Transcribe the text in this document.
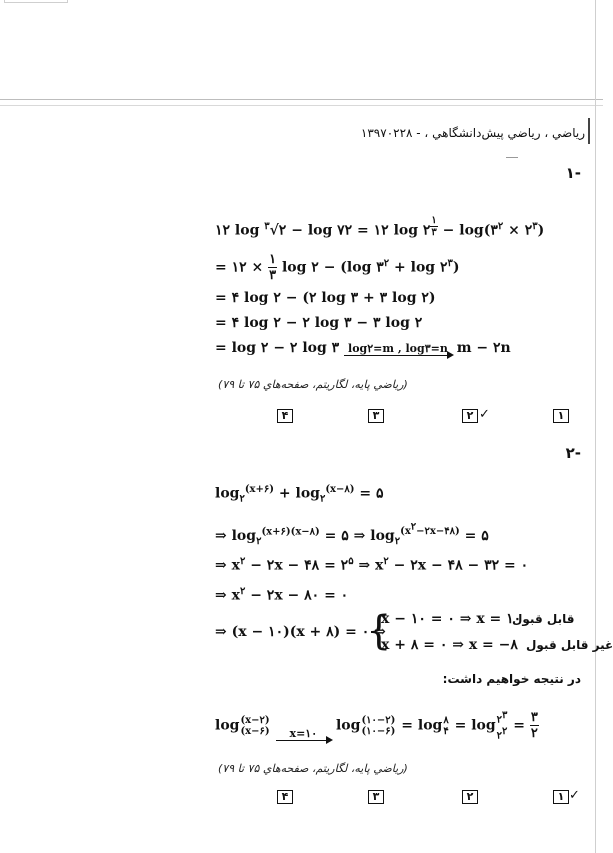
رياضي ، رياضي پيش‌دانشگاهي ، - ۱۳۹۷۰۲۲۸
-۱
۱۲ log $^۳$√۲ − log ۷۲ = ۱۲ log ۲ $^{\frac{۱}{۳}} - \log(۳^۲$ × $۲^۳$)
= ۱۲ × $\frac{۱}{۳}$ log ۲ − (log $۳^۲ + \log$ $۲^۳$)
= ۴ log ۲ − (۲ log ۳ + ۳ log ۲)
= ۴ log ۲ − ۲ log ۳ − ۳ log ۲
= log ۲ − ۲ log ۳ log۲=m , log۳=n m − ۲n
(رياضي پايه، لگاريتم، صفحه‌هاي ۷۵ تا ۷۹)
۴	۳	۲ ✓	۱
-۲
$\log_۲^{(x+۶)} + \log_۲^{(x-۸)}$ = ۵
⇒ $\log_۲^{(x+۶)(x-۸)}$ = ۵ ⇒ $\log_۲^{(x^۲-۲x-۴۸)}$ = ۵
⇒ $x^۲$ − ۲x − ۴۸ = $۲^۵$ ⇒ $x^۲$ − ۲x − ۴۸ − ۳۲ = ۰
⇒ $x^۲$ − ۲x − ۸۰ = ۰
⇒ (x − ۱۰)(x + ۸) = ۰ ⇒
{
x − ۱۰ = ۰ ⇒ x = ۱۰
قابل قبول
x + ۸ = ۰ ⇒ x = −۸ غير قابل قبول
در نتيجه خواهيم داشت:
log (x−۲)
(x−۶)
	x=۱۰	log (۱۰−۲)
(۱۰−۶) = log ۸
۴ = $\log ۲^۳$
$۲^۲ = \frac{۳}{۲}$
(رياضي پايه، لگاريتم، صفحه‌هاي ۷۵ تا ۷۹)
۴	۳	۲	۱ ✓
